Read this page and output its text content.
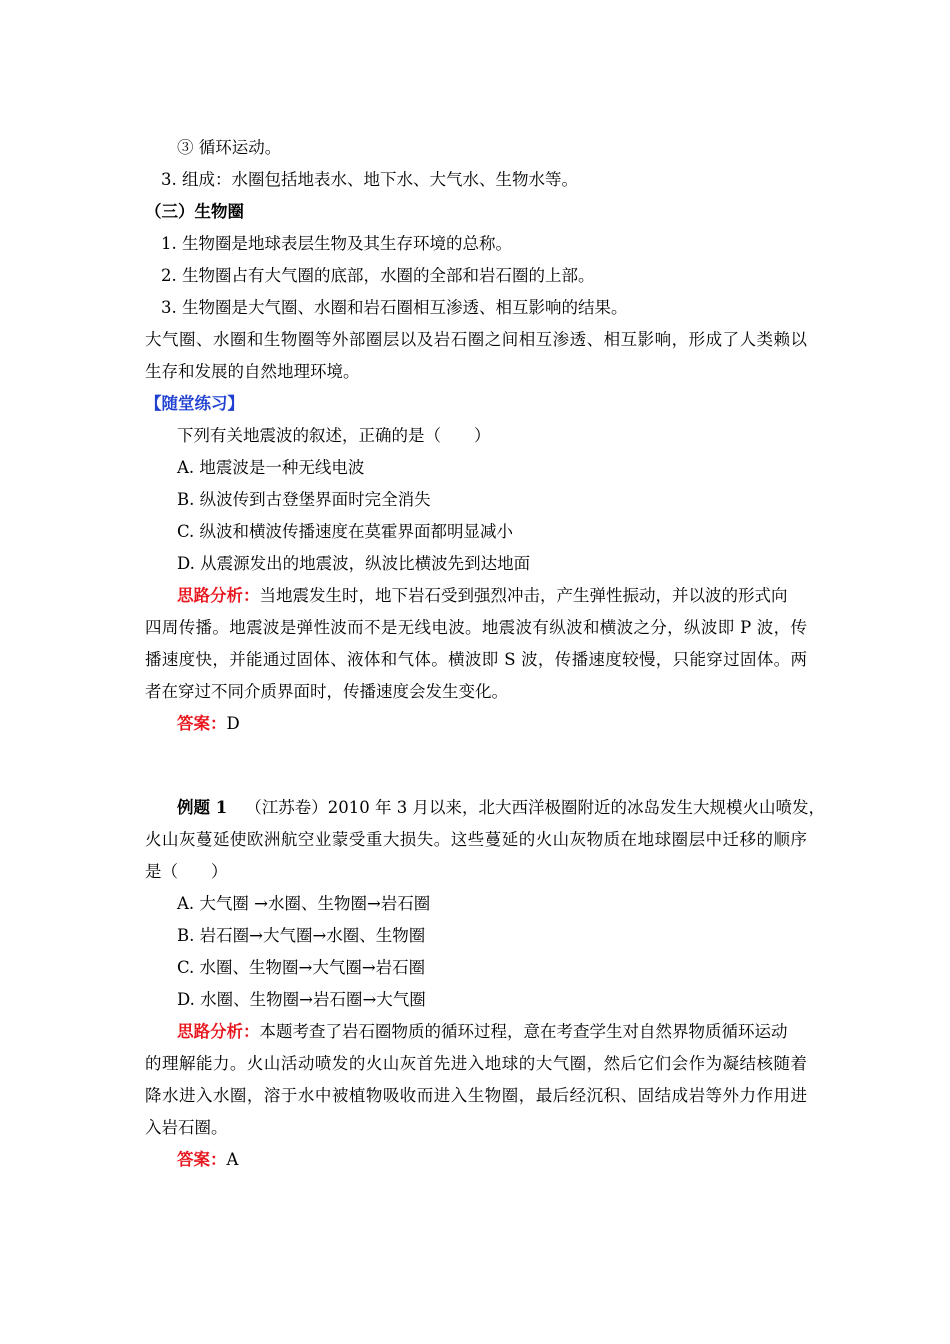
③ 循环运动。
3. 组成：水圈包括地表水、地下水、大气水、生物水等。
（三）生物圈
1. 生物圈是地球表层生物及其生存环境的总称。
2. 生物圈占有大气圈的底部，水圈的全部和岩石圈的上部。
3. 生物圈是大气圈、水圈和岩石圈相互渗透、相互影响的结果。
大气圈、水圈和生物圈等外部圈层以及岩石圈之间相互渗透、相互影响，形成了人类赖以
生存和发展的自然地理环境。
【随堂练习】
下列有关地震波的叙述，正确的是（　　）
A. 地震波是一种无线电波
B. 纵波传到古登堡界面时完全消失
C. 纵波和横波传播速度在莫霍界面都明显减小
D. 从震源发出的地震波，纵波比横波先到达地面
思路分析：当地震发生时，地下岩石受到强烈冲击，产生弹性振动，并以波的形式向
四周传播。地震波是弹性波而不是无线电波。地震波有纵波和横波之分，纵波即 P 波，传
播速度快，并能通过固体、液体和气体。横波即 S 波，传播速度较慢，只能穿过固体。两
者在穿过不同介质界面时，传播速度会发生变化。
答案：D
例题 1 （江苏卷）2010 年 3 月以来，北大西洋极圈附近的冰岛发生大规模火山喷发，
火山灰蔓延使欧洲航空业蒙受重大损失。这些蔓延的火山灰物质在地球圈层中迁移的顺序
是（　　）
A. 大气圈 →水圈、生物圈→岩石圈
B. 岩石圈→大气圈→水圈、生物圈
C. 水圈、生物圈→大气圈→岩石圈
D. 水圈、生物圈→岩石圈→大气圈
思路分析：本题考查了岩石圈物质的循环过程，意在考查学生对自然界物质循环运动
的理解能力。火山活动喷发的火山灰首先进入地球的大气圈，然后它们会作为凝结核随着
降水进入水圈，溶于水中被植物吸收而进入生物圈，最后经沉积、固结成岩等外力作用进
入岩石圈。
答案：A
